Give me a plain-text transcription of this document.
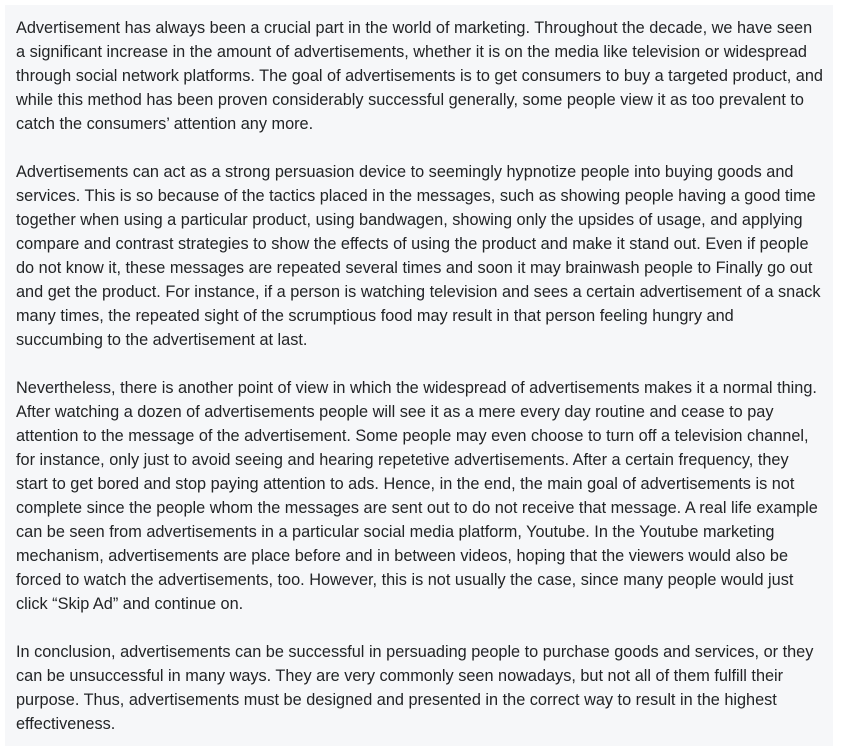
Advertisement has always been a crucial part in the world of marketing. Throughout the decade, we have seen a significant increase in the amount of advertisements, whether it is on the media like television or widespread through social network platforms. The goal of advertisements is to get consumers to buy a targeted product, and while this method has been proven considerably successful generally, some people view it as too prevalent to catch the consumers’ attention any more.

Advertisements can act as a strong persuasion device to seemingly hypnotize people into buying goods and services. This is so because of the tactics placed in the messages, such as showing people having a good time together when using a particular product, using bandwagen, showing only the upsides of usage, and applying compare and contrast strategies to show the effects of using the product and make it stand out. Even if people do not know it, these messages are repeated several times and soon it may brainwash people to Finally go out and get the product. For instance, if a person is watching television and sees a certain advertisement of a snack many times, the repeated sight of the scrumptious food may result in that person feeling hungry and succumbing to the advertisement at last.

Nevertheless, there is another point of view in which the widespread of advertisements makes it a normal thing. After watching a dozen of advertisements people will see it as a mere every day routine and cease to pay attention to the message of the advertisement. Some people may even choose to turn off a television channel, for instance, only just to avoid seeing and hearing repetetive advertisements. After a certain frequency, they start to get bored and stop paying attention to ads. Hence, in the end, the main goal of advertisements is not complete since the people whom the messages are sent out to do not receive that message. A real life example can be seen from advertisements in a particular social media platform, Youtube. In the Youtube marketing mechanism, advertisements are place before and in between videos, hoping that the viewers would also be forced to watch the advertisements, too. However, this is not usually the case, since many people would just click “Skip Ad” and continue on.

In conclusion, advertisements can be successful in persuading people to purchase goods and services, or they can be unsuccessful in many ways. They are very commonly seen nowadays, but not all of them fulfill their purpose. Thus, advertisements must be designed and presented in the correct way to result in the highest effectiveness.
